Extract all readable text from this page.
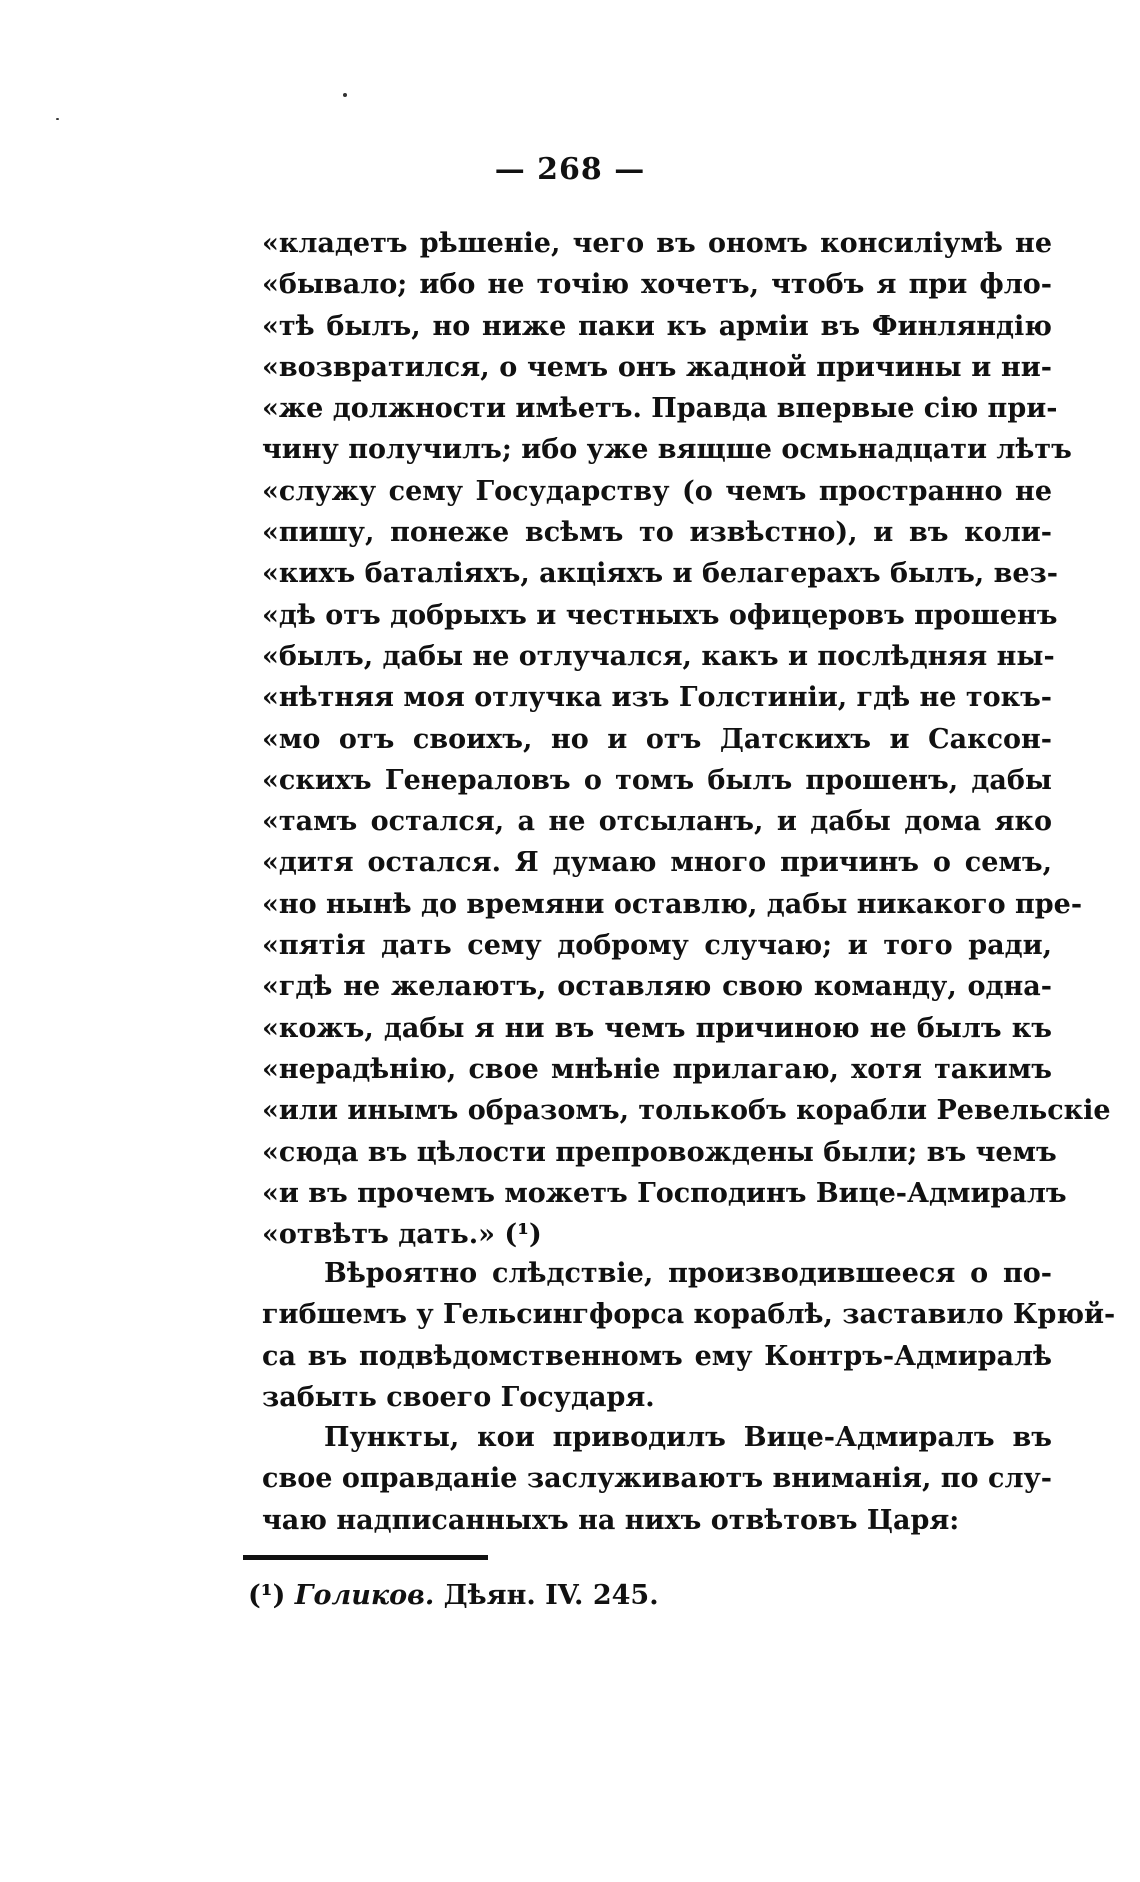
— 268 —
«кладетъ рѣшеніе, чего въ ономъ консиліумѣ не
«бывало; ибо не точію хочетъ, чтобъ я при фло-
«тѣ былъ, но ниже паки къ арміи въ Финляндію
«возвратился, о чемъ онъ жадной причины и ни-
«же должности имѣетъ. Правда впервые сію при-
чину получилъ; ибо уже вящше осмьнадцати лѣтъ
«служу сему Государству (о чемъ пространно не
«пишу, понеже всѣмъ то извѣстно), и въ коли-
«кихъ баталіяхъ, акціяхъ и белагерахъ былъ, вез-
«дѣ отъ добрыхъ и честныхъ офицеровъ прошенъ
«былъ, дабы не отлучался, какъ и послѣдняя ны-
«нѣтняя моя отлучка изъ Голстиніи, гдѣ не токъ-
«мо отъ своихъ, но и отъ Датскихъ и Саксон-
«скихъ Генераловъ о томъ былъ прошенъ, дабы
«тамъ остался, а не отсыланъ, и дабы дома яко
«дитя остался. Я думаю много причинъ о семъ,
«но нынѣ до времяни оставлю, дабы никакого пре-
«пятія дать сему доброму случаю; и того ради,
«гдѣ не желаютъ, оставляю свою команду, одна-
«кожъ, дабы я ни въ чемъ причиною не былъ къ
«нерадѣнію, свое мнѣніе прилагаю, хотя такимъ
«или инымъ образомъ, толькобъ корабли Ревельскіе
«сюда въ цѣлости препровождены были; въ чемъ
«и въ прочемъ можетъ Господинъ Вице-Адмиралъ
«отвѣтъ дать.» (¹)
Вѣроятно слѣдствіе, производившееся о по-
гибшемъ у Гельсингфорса кораблѣ, заставило Крюй-
са въ подвѣдомственномъ ему Контръ-Адмиралѣ
забыть своего Государя.
Пункты, кои приводилъ Вице-Адмиралъ въ
свое оправданіе заслуживаютъ вниманія, по слу-
чаю надписанныхъ на нихъ отвѣтовъ Царя:
(¹) Голиков. Дѣян. IV. 245.
